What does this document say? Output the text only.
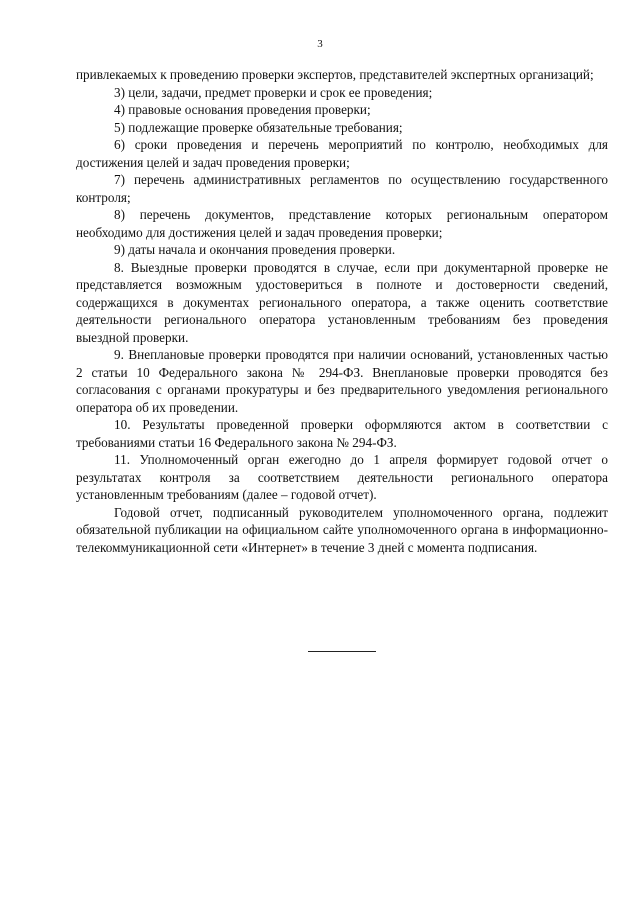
3

привлекаемых к проведению проверки экспертов, представителей экспертных организаций;

3) цели, задачи, предмет проверки и срок ее проведения;

4) правовые основания проведения проверки;

5) подлежащие проверке обязательные требования;

6) сроки проведения и перечень мероприятий по контролю, необходимых для достижения целей и задач проведения проверки;

7) перечень административных регламентов по осуществлению государственного контроля;

8) перечень документов, представление которых региональным оператором необходимо для достижения целей и задач проведения проверки;

9) даты начала и окончания проведения проверки.

8. Выездные проверки проводятся в случае, если при документарной проверке не представляется возможным удостовериться в полноте и достоверности сведений, содержащихся в документах регионального оператора, а также оценить соответствие деятельности регионального оператора установленным требованиям без проведения выездной проверки.

9. Внеплановые проверки проводятся при наличии оснований, установленных частью 2 статьи 10 Федерального закона № 294-ФЗ. Внеплановые проверки проводятся без согласования с органами прокуратуры и без предварительного уведомления регионального оператора об их проведении.

10. Результаты проведенной проверки оформляются актом в соответствии с требованиями статьи 16 Федерального закона № 294-ФЗ.

11. Уполномоченный орган ежегодно до 1 апреля формирует годовой отчет о результатах контроля за соответствием деятельности регионального оператора установленным требованиям (далее – годовой отчет).

Годовой отчет, подписанный руководителем уполномоченного органа, подлежит обязательной публикации на официальном сайте уполномоченного органа в информационно-телекоммуникационной сети «Интернет» в течение 3 дней с момента подписания.
